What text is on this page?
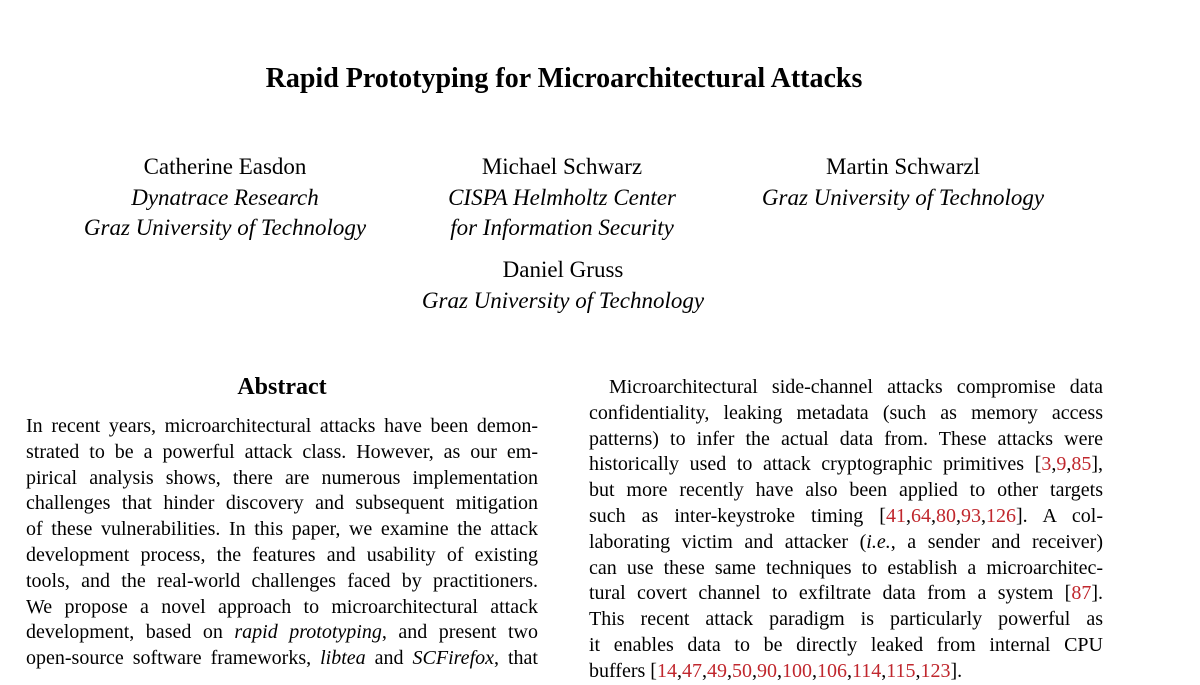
Rapid Prototyping for Microarchitectural Attacks
Catherine Easdon
Dynatrace Research
Graz University of Technology
Michael Schwarz
CISPA Helmholtz Center
for Information Security
Martin Schwarzl
Graz University of Technology
Daniel Gruss
Graz University of Technology
Abstract
In recent years, microarchitectural attacks have been demon-
strated to be a powerful attack class. However, as our em-
pirical analysis shows, there are numerous implementation
challenges that hinder discovery and subsequent mitigation
of these vulnerabilities. In this paper, we examine the attack
development process, the features and usability of existing
tools, and the real-world challenges faced by practitioners.
We propose a novel approach to microarchitectural attack
development, based on rapid prototyping, and present two
open-source software frameworks, libtea and SCFirefox, that
Microarchitectural side-channel attacks compromise data
confidentiality, leaking metadata (such as memory access
patterns) to infer the actual data from. These attacks were
historically used to attack cryptographic primitives [3,9,85],
but more recently have also been applied to other targets
such as inter-keystroke timing [41,64,80,93,126]. A col-
laborating victim and attacker (i.e., a sender and receiver)
can use these same techniques to establish a microarchitec-
tural covert channel to exfiltrate data from a system [87].
This recent attack paradigm is particularly powerful as
it enables data to be directly leaked from internal CPU
buffers [14,47,49,50,90,100,106,114,115,123].
